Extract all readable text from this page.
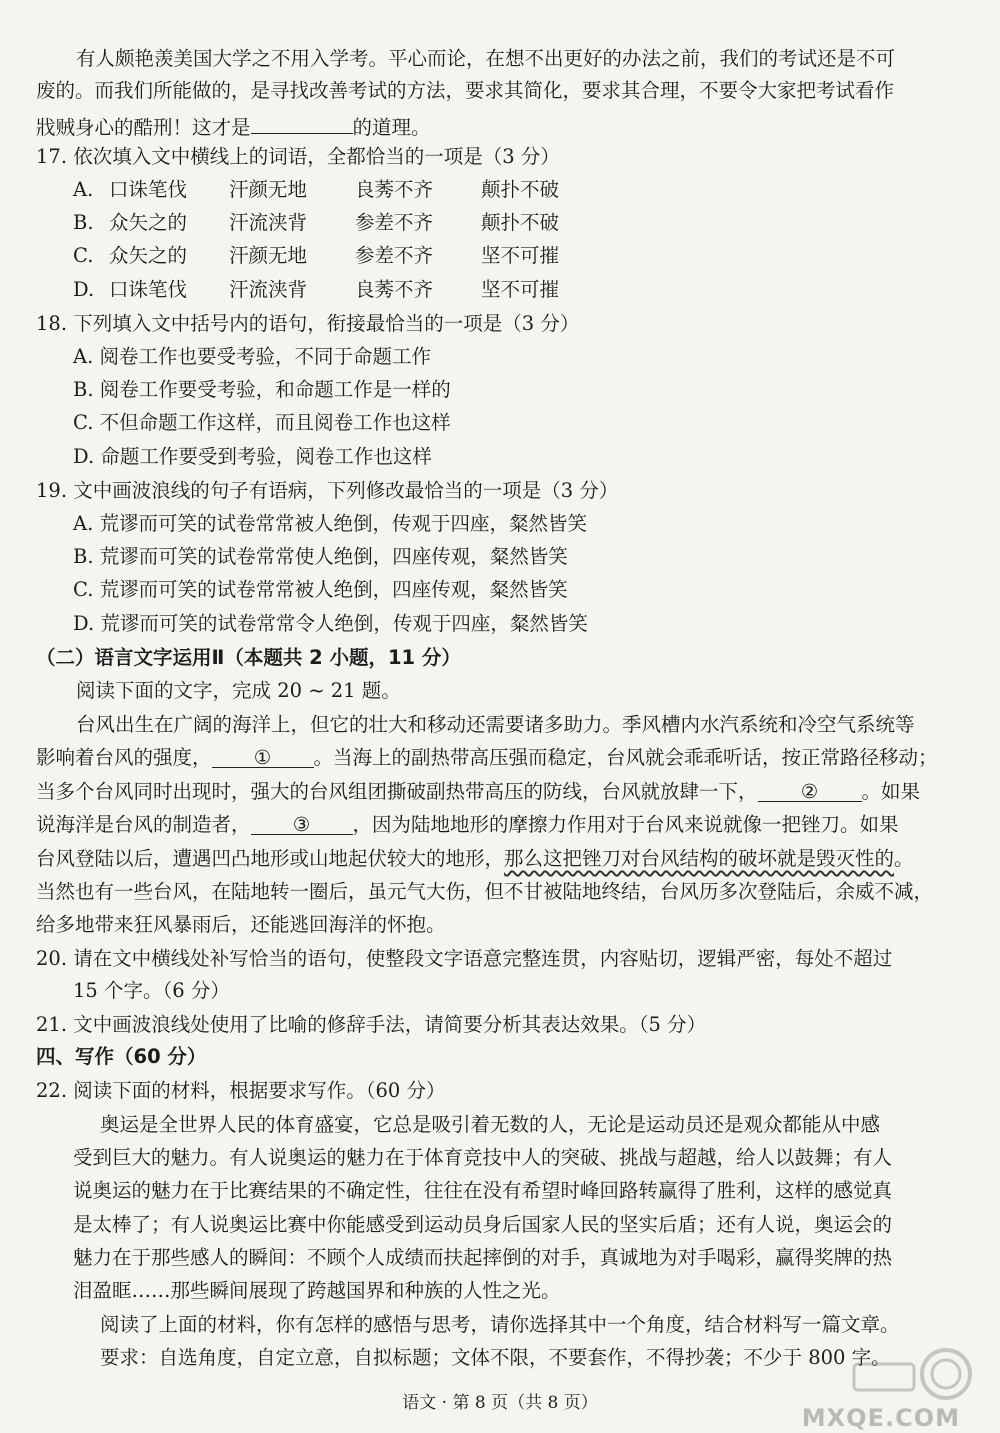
有人颇艳羡美国大学之不用入学考。平心而论，在想不出更好的办法之前，我们的考试还是不可
废的。而我们所能做的，是寻找改善考试的方法，要求其简化，要求其合理，不要令大家把考试看作
戕贼身心的酷刑！这才是	的道理。
17. 依次填入文中横线上的词语，全都恰当的一项是（3 分）
A. 口诛笔伐 汗颜无地 良莠不齐 颠扑不破
B. 众矢之的 汗流浃背 参差不齐 颠扑不破
C. 众矢之的 汗颜无地 参差不齐 坚不可摧
D. 口诛笔伐 汗流浃背 良莠不齐 坚不可摧
18. 下列填入文中括号内的语句，衔接最恰当的一项是（3 分）
A. 阅卷工作也要受考验，不同于命题工作
B. 阅卷工作要受考验，和命题工作是一样的
C. 不但命题工作这样，而且阅卷工作也这样
D. 命题工作要受到考验，阅卷工作也这样
19. 文中画波浪线的句子有语病，下列修改最恰当的一项是（3 分）
A. 荒谬而可笑的试卷常常被人绝倒，传观于四座，粲然皆笑
B. 荒谬而可笑的试卷常常使人绝倒，四座传观，粲然皆笑
C. 荒谬而可笑的试卷常常被人绝倒，四座传观，粲然皆笑
D. 荒谬而可笑的试卷常常令人绝倒，传观于四座，粲然皆笑
（二）语言文字运用Ⅱ（本题共 2 小题，11 分）
阅读下面的文字，完成 20 ~ 21 题。
台风出生在广阔的海洋上，但它的壮大和移动还需要诸多助力。季风槽内水汽系统和冷空气系统等
影响着台风的强度， ① 。当海上的副热带高压强而稳定，台风就会乖乖听话，按正常路径移动；
当多个台风同时出现时，强大的台风组团撕破副热带高压的防线，台风就放肆一下， ② 。如果
说海洋是台风的制造者， ③ ，因为陆地地形的摩擦力作用对于台风来说就像一把锉刀。如果
台风登陆以后，遭遇凹凸地形或山地起伏较大的地形，那么这把锉刀对台风结构的破坏就是毁灭性的。
当然也有一些台风，在陆地转一圈后，虽元气大伤，但不甘被陆地终结，台风历多次登陆后，余威不减，
给多地带来狂风暴雨后，还能逃回海洋的怀抱。
20. 请在文中横线处补写恰当的语句，使整段文字语意完整连贯，内容贴切，逻辑严密，每处不超过
15 个字。（6 分）
21. 文中画波浪线处使用了比喻的修辞手法，请简要分析其表达效果。（5 分）
四、写作（60 分）
22. 阅读下面的材料，根据要求写作。（60 分）
奥运是全世界人民的体育盛宴，它总是吸引着无数的人，无论是运动员还是观众都能从中感
受到巨大的魅力。有人说奥运的魅力在于体育竞技中人的突破、挑战与超越，给人以鼓舞；有人
说奥运的魅力在于比赛结果的不确定性，往往在没有希望时峰回路转赢得了胜利，这样的感觉真
是太棒了；有人说奥运比赛中你能感受到运动员身后国家人民的坚实后盾；还有人说，奥运会的
魅力在于那些感人的瞬间：不顾个人成绩而扶起摔倒的对手，真诚地为对手喝彩，赢得奖牌的热
泪盈眶……那些瞬间展现了跨越国界和种族的人性之光。
阅读了上面的材料，你有怎样的感悟与思考，请你选择其中一个角度，结合材料写一篇文章。
要求：自选角度，自定立意，自拟标题；文体不限，不要套作，不得抄袭；不少于 800 字。
语文 · 第 8 页（共 8 页）
MXQE.COM
